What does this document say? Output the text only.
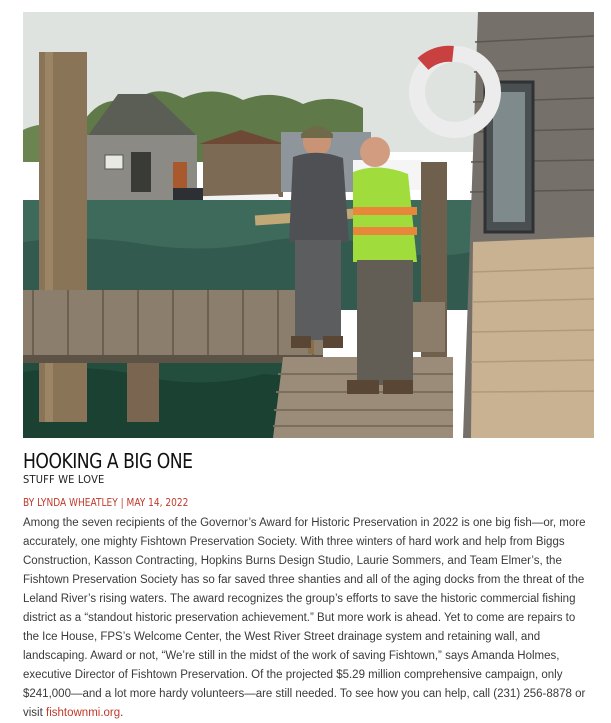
HOOKING A BIG ONE
STUFF WE LOVE
BY LYNDA WHEATLEY | MAY 14, 2022

Among the seven recipients of the Governor’s Award for Historic Preservation in 2022 is one big fish—or, more accurately, one mighty Fishtown Preservation Society. With three winters of hard work and help from Biggs Construction, Kasson Contracting, Hopkins Burns Design Studio, Laurie Sommers, and Team Elmer’s, the Fishtown Preservation Society has so far saved three shanties and all of the aging docks from the threat of the Leland River’s rising waters. The award recognizes the group’s efforts to save the historic commercial fishing district as a “standout historic preservation achievement.” But more work is ahead. Yet to come are repairs to the Ice House, FPS’s Welcome Center, the West River Street drainage system and retaining wall, and landscaping. Award or not, “We’re still in the midst of the work of saving Fishtown,” says Amanda Holmes, executive Director of Fishtown Preservation. Of the projected $5.29 million comprehensive campaign, only $241,000—and a lot more hardy volunteers—are still needed. To see how you can help, call (231) 256-8878 or visit fishtownmi.org.
